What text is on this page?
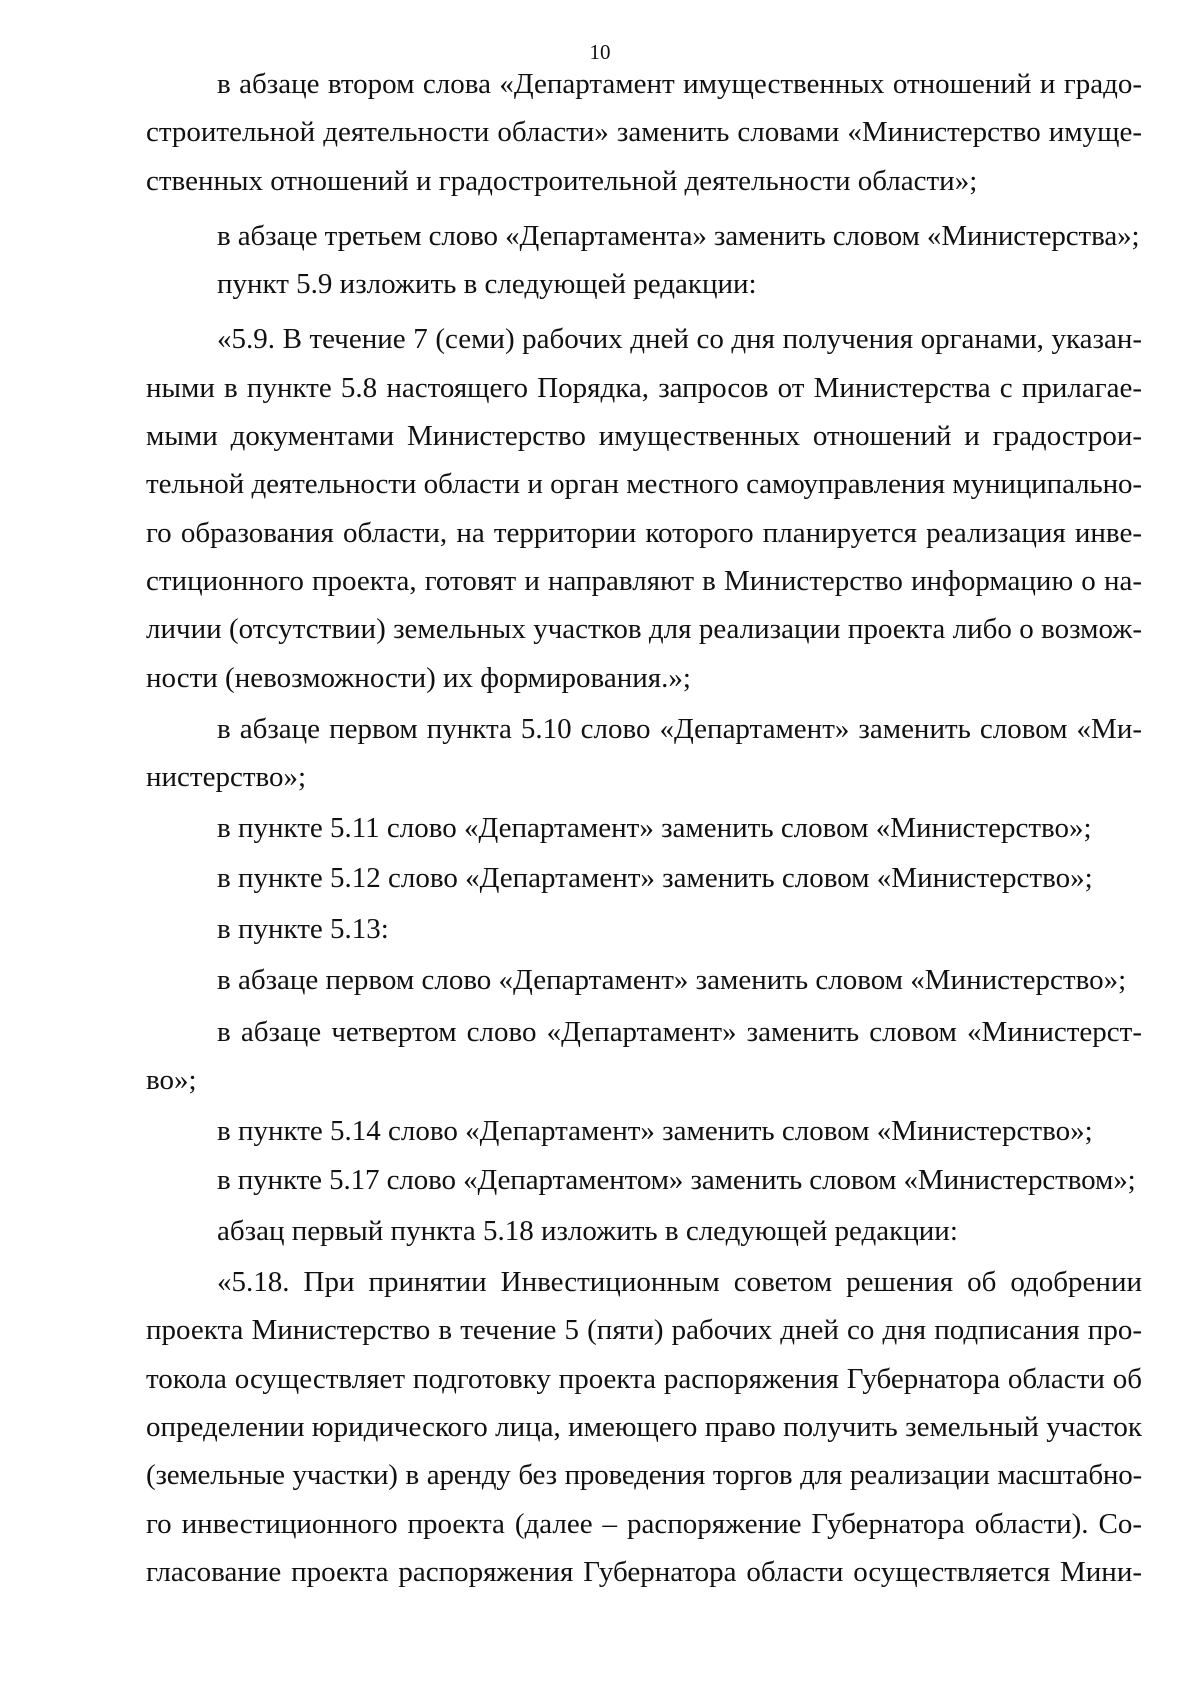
10

в абзаце втором слова «Департамент имущественных отношений и градо-
строительной деятельности области» заменить словами «Министерство имуще-
ственных отношений и градостроительной деятельности области»;

в абзаце третьем слово «Департамента» заменить словом «Министерства»;

пункт 5.9 изложить в следующей редакции:

«5.9. В течение 7 (семи) рабочих дней со дня получения органами, указан-
ными в пункте 5.8 настоящего Порядка, запросов от Министерства с прилагае-
мыми документами Министерство имущественных отношений и градострои-
тельной деятельности области и орган местного самоуправления муниципально-
го образования области, на территории которого планируется реализация инве-
стиционного проекта, готовят и направляют в Министерство информацию о на-
личии (отсутствии) земельных участков для реализации проекта либо о возмож-
ности (невозможности) их формирования.»;

в абзаце первом пункта 5.10 слово «Департамент» заменить словом «Ми-
нистерство»;

в пункте 5.11 слово «Департамент» заменить словом «Министерство»;

в пункте 5.12 слово «Департамент» заменить словом «Министерство»;

в пункте 5.13:

в абзаце первом слово «Департамент» заменить словом «Министерство»;

в абзаце четвертом слово «Департамент» заменить словом «Министерст-
во»;

в пункте 5.14 слово «Департамент» заменить словом «Министерство»;

в пункте 5.17 слово «Департаментом» заменить словом «Министерством»;

абзац первый пункта 5.18 изложить в следующей редакции:

«5.18. При принятии Инвестиционным советом решения об одобрении
проекта Министерство в течение 5 (пяти) рабочих дней со дня подписания про-
токола осуществляет подготовку проекта распоряжения Губернатора области об
определении юридического лица, имеющего право получить земельный участок
(земельные участки) в аренду без проведения торгов для реализации масштабно-
го инвестиционного проекта (далее – распоряжение Губернатора области). Со-
гласование проекта распоряжения Губернатора области осуществляется Мини-
